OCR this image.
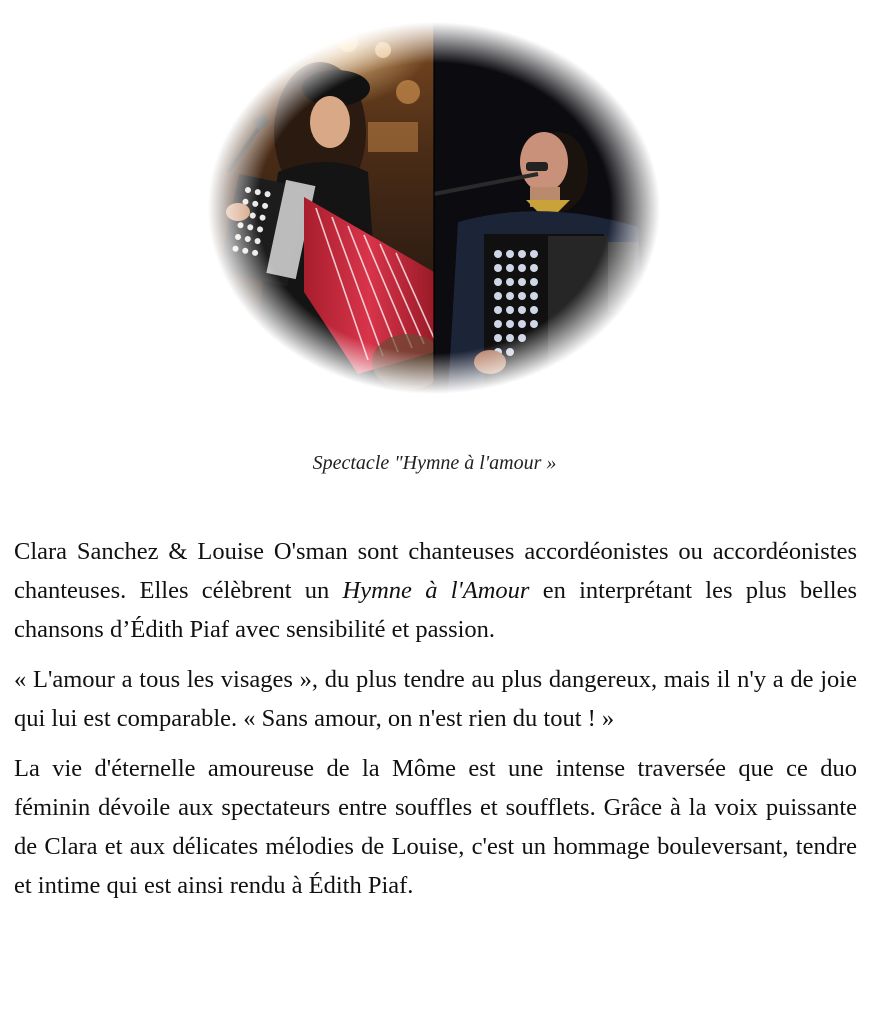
Spectacle "Hymne à l'amour »

Clara Sanchez & Louise O'sman sont chanteuses accordéonistes ou accordéonistes chanteuses. Elles célèbrent un Hymne à l'Amour en interprétant les plus belles chansons d’Édith Piaf avec sensibilité et passion.

« L'amour a tous les visages », du plus tendre au plus dangereux, mais il n'y a de joie qui lui est comparable. « Sans amour, on n'est rien du tout ! »

La vie d'éternelle amoureuse de la Môme est une intense traversée que ce duo féminin dévoile aux spectateurs entre souffles et soufflets. Grâce à la voix puissante de Clara et aux délicates mélodies de Louise, c'est un hommage bouleversant, tendre et intime qui est ainsi rendu à Édith Piaf.
